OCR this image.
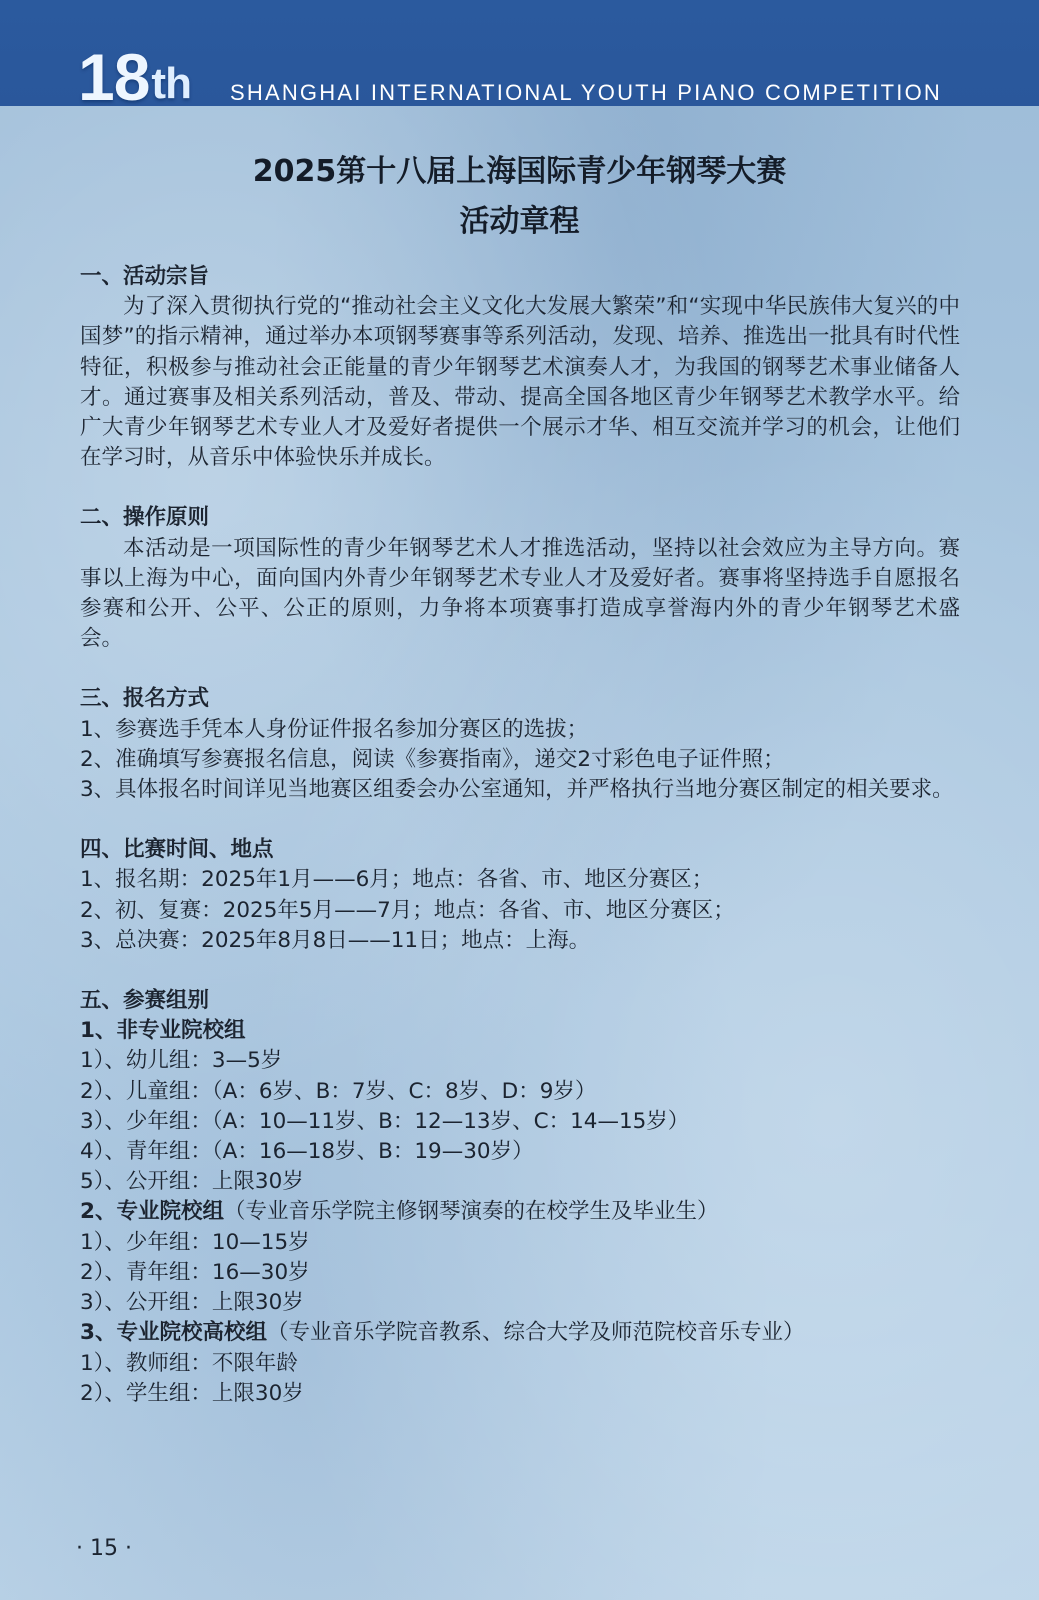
18 th SHANGHAI INTERNATIONAL YOUTH PIANO COMPETITION
2025第十八届上海国际青少年钢琴大赛
活动章程
一、活动宗旨
为了深入贯彻执行党的“推动社会主义文化大发展大繁荣”和“实现中华民族伟大复兴的中国梦”的指示精神，通过举办本项钢琴赛事等系列活动，发现、培养、推选出一批具有时代性特征，积极参与推动社会正能量的青少年钢琴艺术演奏人才，为我国的钢琴艺术事业储备人才。通过赛事及相关系列活动，普及、带动、提高全国各地区青少年钢琴艺术教学水平。给广大青少年钢琴艺术专业人才及爱好者提供一个展示才华、相互交流并学习的机会，让他们在学习时，从音乐中体验快乐并成长。
二、操作原则
本活动是一项国际性的青少年钢琴艺术人才推选活动，坚持以社会效应为主导方向。赛事以上海为中心，面向国内外青少年钢琴艺术专业人才及爱好者。赛事将坚持选手自愿报名参赛和公开、公平、公正的原则，力争将本项赛事打造成享誉海内外的青少年钢琴艺术盛会。
三、报名方式
1、参赛选手凭本人身份证件报名参加分赛区的选拔；
2、准确填写参赛报名信息，阅读《参赛指南》，递交2寸彩色电子证件照；
3、具体报名时间详见当地赛区组委会办公室通知，并严格执行当地分赛区制定的相关要求。
四、比赛时间、地点
1、报名期：2025年1月——6月；地点：各省、市、地区分赛区；
2、初、复赛：2025年5月——7月；地点：各省、市、地区分赛区；
3、总决赛：2025年8月8日——11日；地点：上海。
五、参赛组别
1、非专业院校组
1）、幼儿组：3—5岁
2）、儿童组：（A：6岁、B：7岁、C：8岁、D：9岁）
3）、少年组：（A：10—11岁、B：12—13岁、C：14—15岁）
4）、青年组：（A：16—18岁、B：19—30岁）
5）、公开组：上限30岁
2、专业院校组（专业音乐学院主修钢琴演奏的在校学生及毕业生）
1）、少年组：10—15岁
2）、青年组：16—30岁
3）、公开组：上限30岁
3、专业院校高校组（专业音乐学院音教系、综合大学及师范院校音乐专业）
1）、教师组：不限年龄
2）、学生组：上限30岁
· 15 ·
